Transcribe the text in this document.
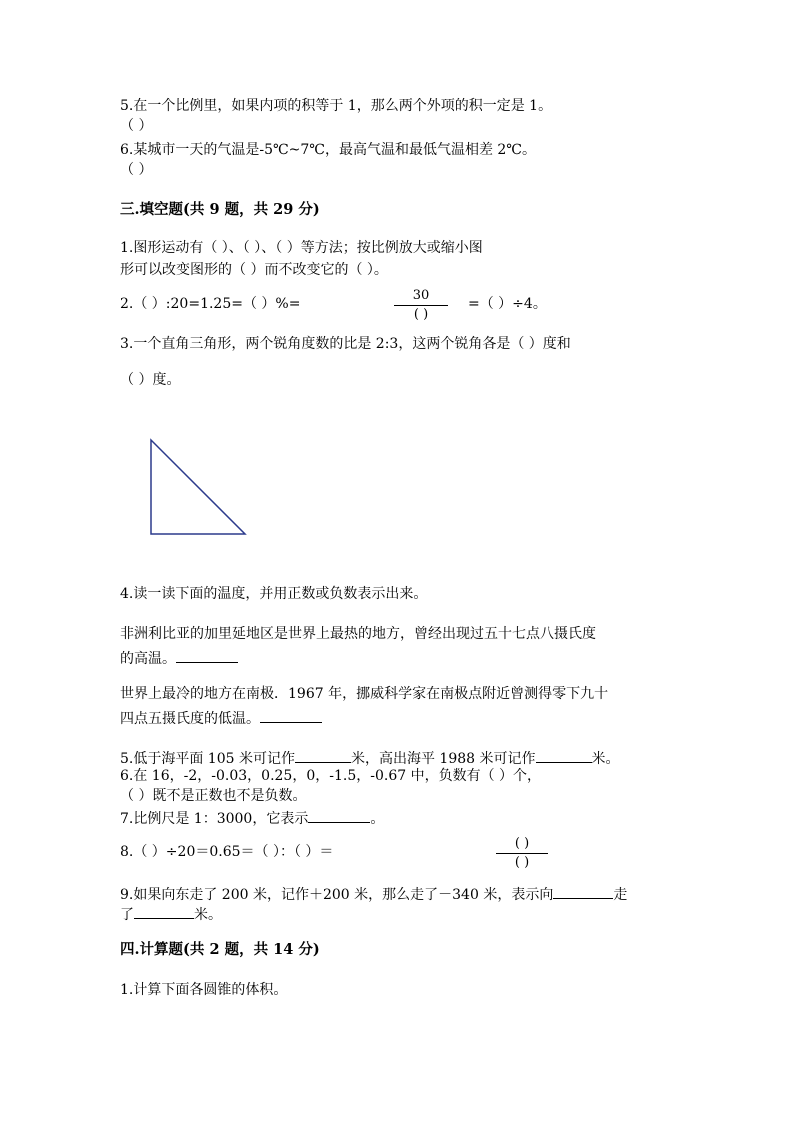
5.在一个比例里，如果内项的积等于 1，那么两个外项的积一定是 1。
（ ）
6.某城市一天的气温是-5℃~7℃，最高气温和最低气温相差 2℃。
（ ）
三.填空题(共 9 题，共 29 分)
1.图形运动有（ ）、（ ）、（ ）等方法；按比例放大或缩小图
形可以改变图形的（ ）而不改变它的（ ）。
2.（ ）:20=1.25=（ ）%=
30
( )
=（ ）÷4。
3.一个直角三角形，两个锐角度数的比是 2:3，这两个锐角各是（ ）度和
（ ）度。
4.读一读下面的温度，并用正数或负数表示出来。
非洲利比亚的加里延地区是世界上最热的地方，曾经出现过五十七点八摄氏度
的高温。
世界上最冷的地方在南极．1967 年，挪威科学家在南极点附近曾测得零下九十
四点五摄氏度的低温。
5.低于海平面 105 米可记作	米，高出海平 1988 米可记作	米。
6.在 16，-2，-0.03，0.25，0，-1.5，-0.67 中，负数有（ ）个，
（ ）既不是正数也不是负数。
7.比例尺是 1：3000，它表示	。
8.（ ）÷20＝0.65＝（ ）：（ ）＝
( )
( )
9.如果向东走了 200 米，记作＋200 米，那么走了－340 米，表示向	走
了	米。
四.计算题(共 2 题，共 14 分)
1.计算下面各圆锥的体积。
